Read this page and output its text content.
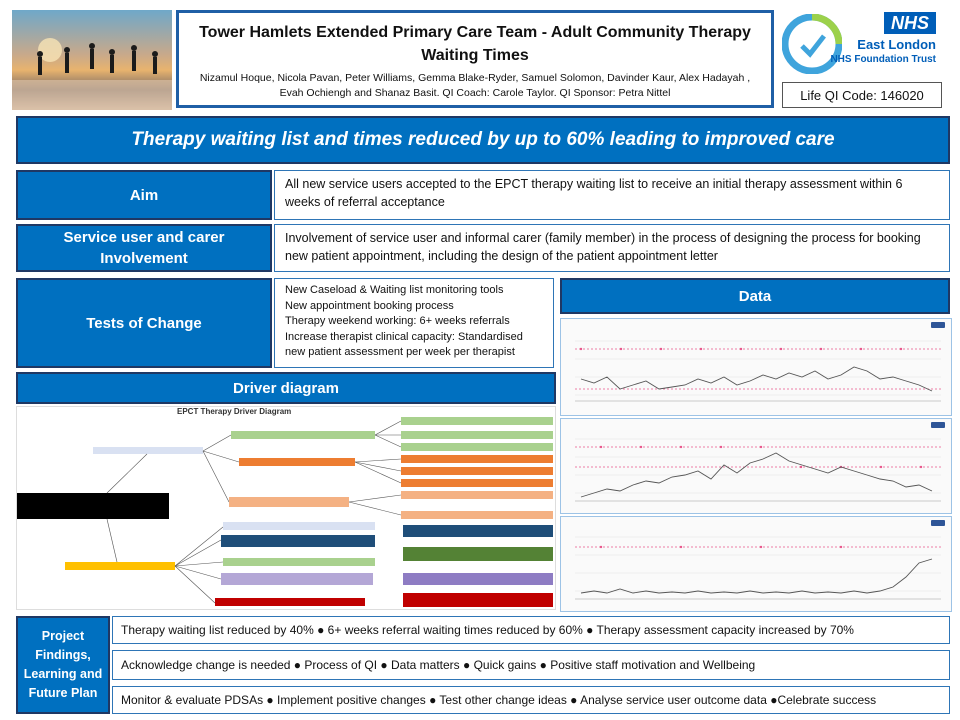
Tower Hamlets Extended Primary Care Team - Adult Community Therapy Waiting Times
Nizamul Hoque, Nicola Pavan, Peter Williams, Gemma Blake-Ryder, Samuel Solomon, Davinder Kaur, Alex Hadayah , Evah Ochiengh and Shanaz Basit. QI Coach: Carole Taylor. QI Sponsor: Petra Nittel
NHS
East London
NHS Foundation Trust
Life QI Code: 146020
Therapy waiting list and times reduced by up to 60% leading to improved care
Aim
All new service users accepted to the EPCT therapy waiting list to receive an initial therapy assessment within 6 weeks of referral acceptance
Service user and carer Involvement
Involvement of service user and informal carer (family member) in the process of designing the process for booking new patient appointment, including the design of the patient appointment letter
Tests of Change
New Caseload & Waiting list monitoring tools
New appointment booking process
Therapy weekend working: 6+ weeks referrals
Increase therapist clinical capacity: Standardised new patient assessment per week per therapist
Data
Driver diagram
EPCT Therapy Driver Diagram
Project Findings, Learning and Future Plan
Therapy waiting list reduced by 40% ● 6+ weeks referral waiting times reduced by 60% ● Therapy assessment capacity increased by 70%
Acknowledge change is needed ● Process of QI ● Data matters ● Quick gains ● Positive staff motivation and Wellbeing
Monitor & evaluate PDSAs ● Implement positive changes ● Test other change ideas ● Analyse service user outcome data ●Celebrate success
